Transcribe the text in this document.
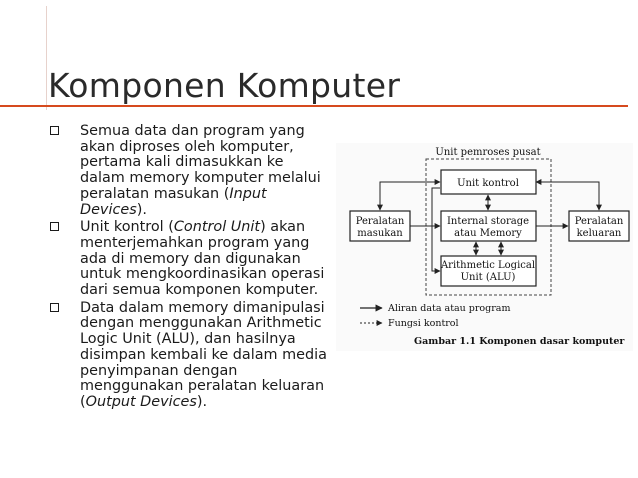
Komponen Komputer
Semua data dan program yang
akan diproses oleh komputer,
pertama kali dimasukkan ke
dalam memory komputer melalui
peralatan masukan (Input
Devices).
Unit kontrol (Control Unit) akan
menterjemahkan program yang
ada di memory dan digunakan
untuk mengkoordinasikan operasi
dari semua komponen komputer.
Data dalam memory dimanipulasi
dengan menggunakan Arithmetic
Logic Unit (ALU), dan hasilnya
disimpan kembali ke dalam media
penyimpanan dengan
menggunakan peralatan keluaran
(Output Devices).
Unit pemroses pusat
Unit kontrol
Internal storage
atau Memory
Arithmetic Logical
Unit (ALU)
Peralatan
masukan
Peralatan
keluaran
Aliran data atau program
Fungsi kontrol
Gambar 1.1 Komponen dasar komputer
